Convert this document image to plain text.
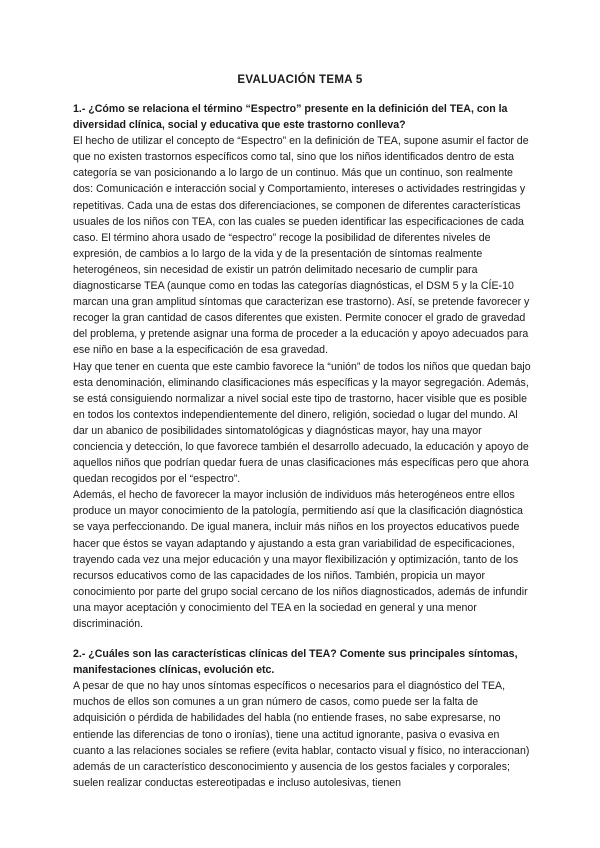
EVALUACIÓN TEMA 5

1.- ¿Cómo se relaciona el término “Espectro” presente en la definición del TEA, con la diversidad clínica, social y educativa que este trastorno conlleva?

El hecho de utilizar el concepto de “Espectro” en la definición de TEA, supone asumir el factor de que no existen trastornos específicos como tal, sino que los niños identificados dentro de esta categoría se van posicionando a lo largo de un continuo. Más que un continuo, son realmente dos: Comunicación e interacción social y Comportamiento, intereses o actividades restringidas y repetitivas. Cada una de estas dos diferenciaciones, se componen de diferentes características usuales de los niños con TEA, con las cuales se pueden identificar las especificaciones de cada caso. El término ahora usado de “espectro” recoge la posibilidad de diferentes niveles de expresión, de cambios a lo largo de la vida y de la presentación de síntomas realmente heterogéneos, sin necesidad de existir un patrón delimitado necesario de cumplir para diagnosticarse TEA (aunque como en todas las categorías diagnósticas, el DSM 5 y la CÍE-10 marcan una gran amplitud síntomas que caracterizan ese trastorno). Así, se pretende favorecer y recoger la gran cantidad de casos diferentes que existen. Permite conocer el grado de gravedad del problema, y pretende asignar una forma de proceder a la educación y apoyo adecuados para ese niño en base a la especificación de esa gravedad.

Hay que tener en cuenta que este cambio favorece la “unión” de todos los niños que quedan bajo esta denominación, eliminando clasificaciones más específicas y la mayor segregación. Además, se está consiguiendo normalizar a nivel social este tipo de trastorno, hacer visible que es posible en todos los contextos independientemente del dinero, religión, sociedad o lugar del mundo. Al dar un abanico de posibilidades sintomatológicas y diagnósticas mayor, hay una mayor conciencia y detección, lo que favorece también el desarrollo adecuado, la educación y apoyo de aquellos niños que podrían quedar fuera de unas clasificaciones más específicas pero que ahora quedan recogidos por el “espectro”.

Además, el hecho de favorecer la mayor inclusión de individuos más heterogéneos entre ellos produce un mayor conocimiento de la patología, permitiendo así que la clasificación diagnóstica se vaya perfeccionando. De igual manera, incluir más niños en los proyectos educativos puede hacer que éstos se vayan adaptando y ajustando a esta gran variabilidad de especificaciones, trayendo cada vez una mejor educación y una mayor flexibilización y optimización, tanto de los recursos educativos como de las capacidades de los niños. También, propicia un mayor conocimiento por parte del grupo social cercano de los niños diagnosticados, además de infundir una mayor aceptación y conocimiento del TEA en la sociedad en general y una menor discriminación.

2.- ¿Cuáles son las características clínicas del TEA? Comente sus principales síntomas, manifestaciones clínicas, evolución etc.

A pesar de que no hay unos síntomas específicos o necesarios para el diagnóstico del TEA, muchos de ellos son comunes a un gran número de casos, como puede ser la falta de adquisición o pérdida de habilidades del habla (no entiende frases, no sabe expresarse, no entiende las diferencias de tono o ironías), tiene una actitud ignorante, pasiva o evasiva en cuanto a las relaciones sociales se refiere (evita hablar, contacto visual y físico, no interaccionan) además de un característico desconocimiento y ausencia de los gestos faciales y corporales; suelen realizar conductas estereotipadas e incluso autolesivas, tienen
